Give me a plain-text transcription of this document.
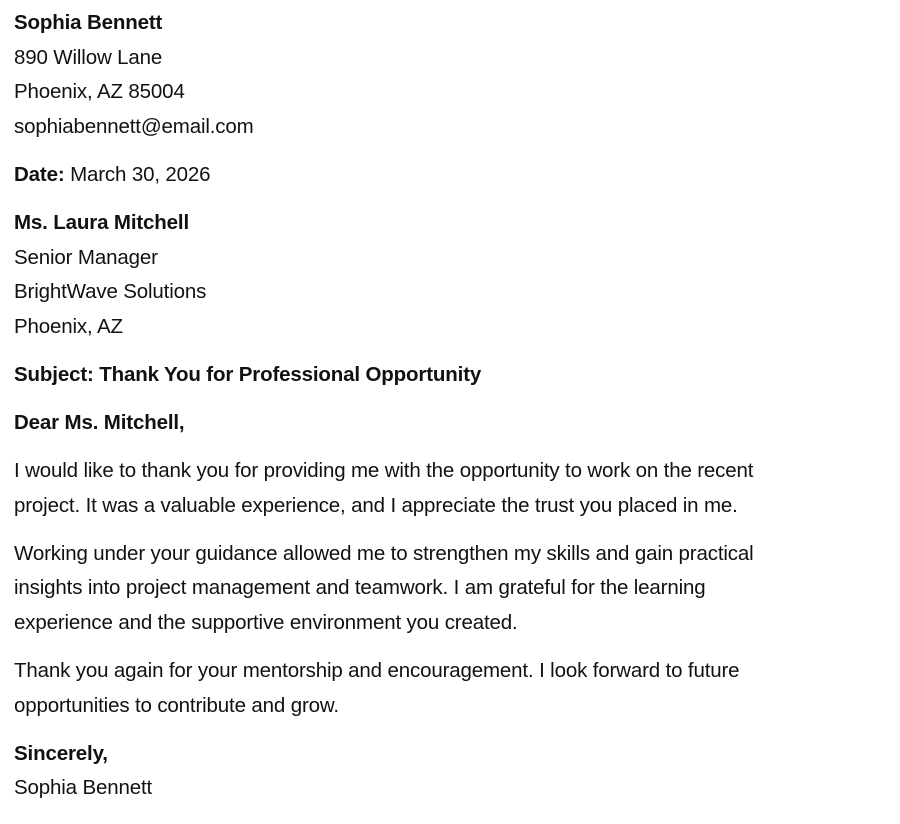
Sophia Bennett
890 Willow Lane
Phoenix, AZ 85004
sophiabennett@email.com
Date: March 30, 2026
Ms. Laura Mitchell
Senior Manager
BrightWave Solutions
Phoenix, AZ
Subject: Thank You for Professional Opportunity
Dear Ms. Mitchell,
I would like to thank you for providing me with the opportunity to work on the recent
project. It was a valuable experience, and I appreciate the trust you placed in me.
Working under your guidance allowed me to strengthen my skills and gain practical
insights into project management and teamwork. I am grateful for the learning
experience and the supportive environment you created.
Thank you again for your mentorship and encouragement. I look forward to future
opportunities to contribute and grow.
Sincerely,
Sophia Bennett
